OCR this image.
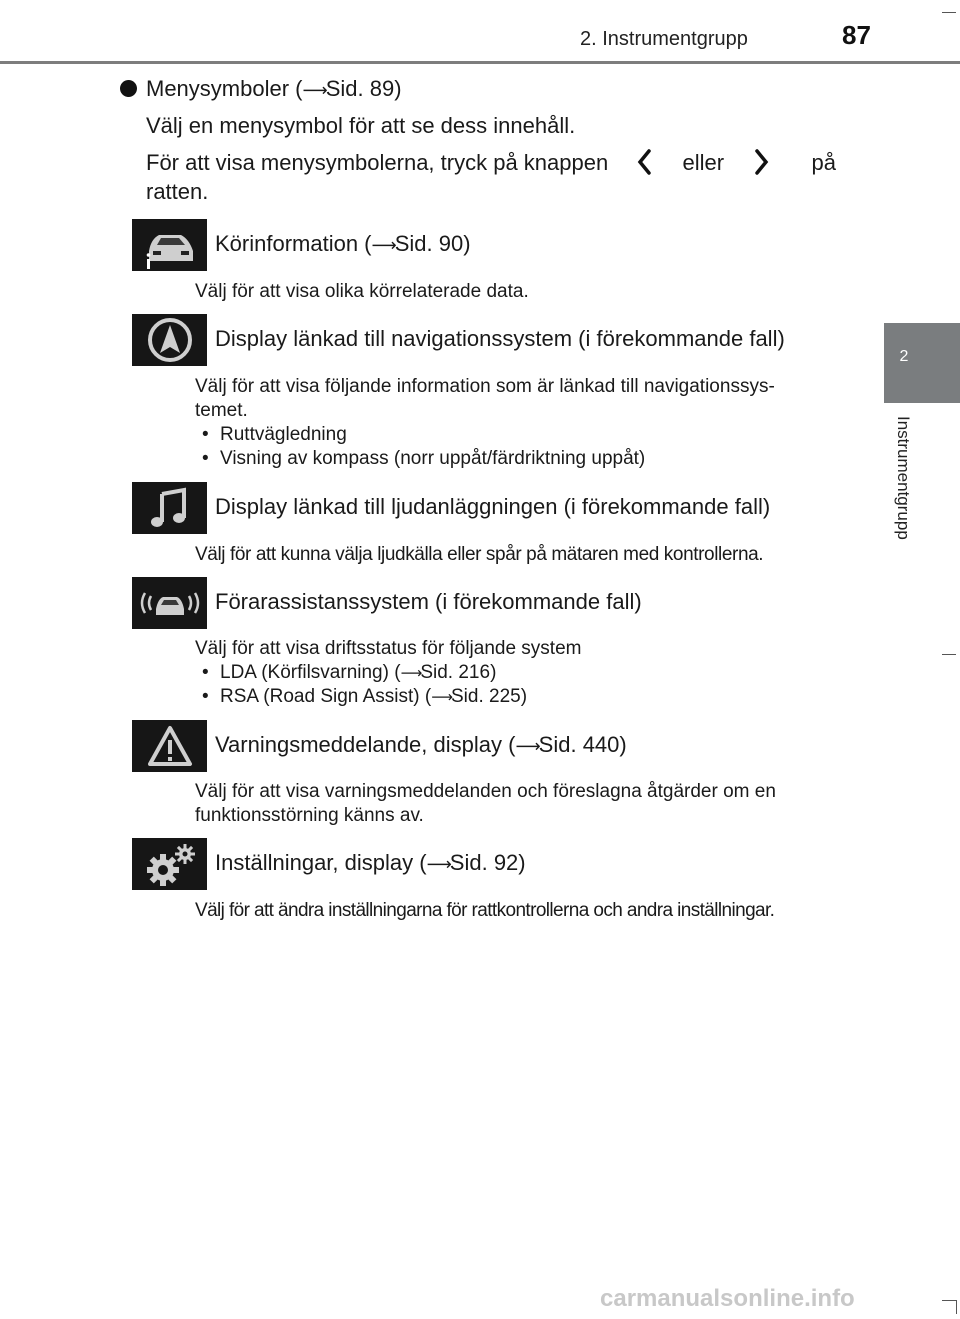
2. Instrumentgrupp	87
2
Instrumentgrupp
Menysymboler (⟶Sid. 89)
Välj en menysymbol för att se dess innehåll.
För att visa menysymbolerna, tryck på knappen	eller	på
ratten.
Körinformation (⟶Sid. 90)
Välj för att visa olika körrelaterade data.
Display länkad till navigationssystem (i förekommande fall)
Välj för att visa följande information som är länkad till navigationssys-
temet.
• Ruttvägledning
• Visning av kompass (norr uppåt/färdriktning uppåt)
Display länkad till ljudanläggningen (i förekommande fall)
Välj för att kunna välja ljudkälla eller spår på mätaren med kontrollerna.
Förarassistanssystem (i förekommande fall)
Välj för att visa driftsstatus för följande system
• LDA (Körfilsvarning) (⟶Sid. 216)
• RSA (Road Sign Assist) (⟶Sid. 225)
Varningsmeddelande, display (⟶Sid. 440)
Välj för att visa varningsmeddelanden och föreslagna åtgärder om en funktionsstörning känns av.
Inställningar, display (⟶Sid. 92)
Välj för att ändra inställningarna för rattkontrollerna och andra inställningar.
carmanualsonline.info
